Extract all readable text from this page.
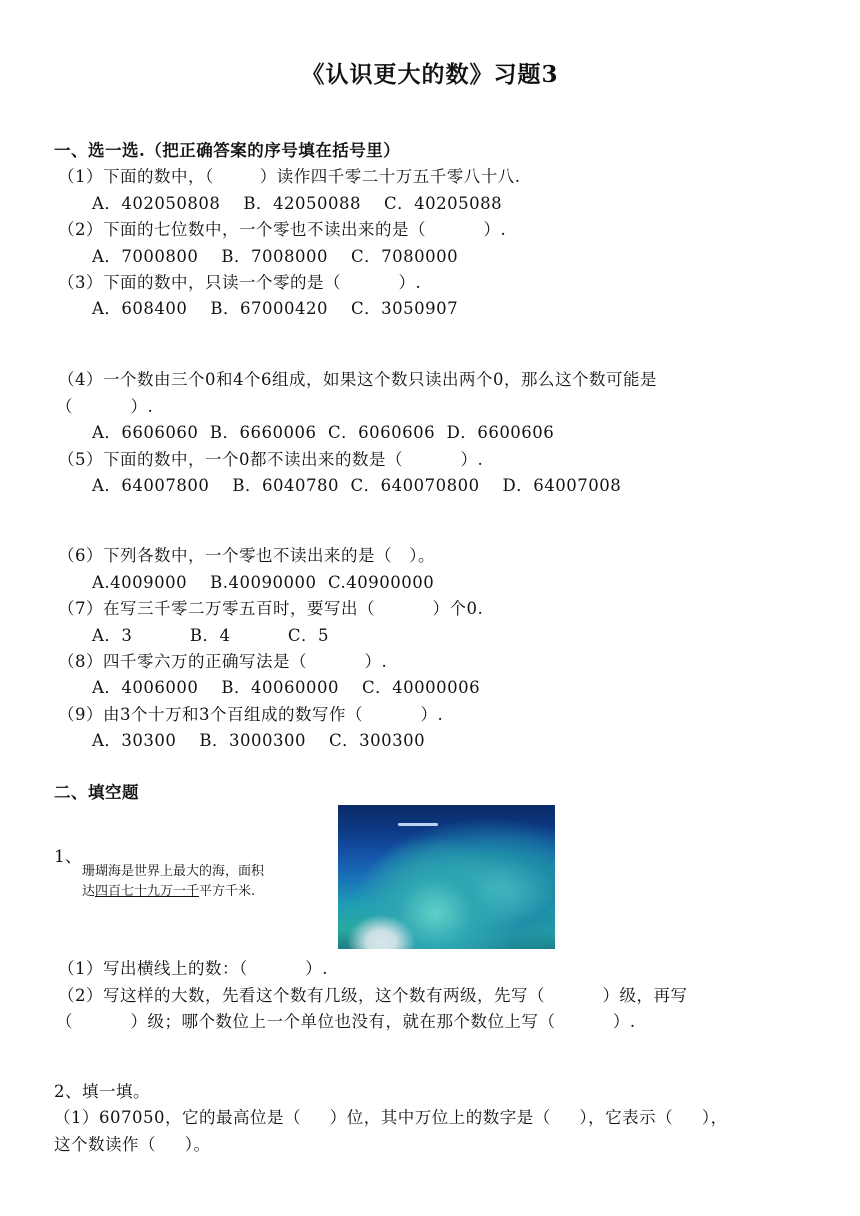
《认识更大的数》习题3
一、选一选.（把正确答案的序号填在括号里）
（1）下面的数中，（        ）读作四千零二十万五千零八十八.
A．402050808    B．42050088    C．40205088
（2）下面的七位数中，一个零也不读出来的是（          ）.
A．7000800    B．7008000    C．7080000
（3）下面的数中，只读一个零的是（          ）.
A．608400    B．67000420    C．3050907
（4）一个数由三个0和4个6组成，如果这个数只读出两个0，那么这个数可能是
（          ）.
A．6606060  B．6660006  C．6060606  D．6600606
（5）下面的数中，一个0都不读出来的数是（          ）.
A．64007800    B．6040780  C．640070800    D．64007008
（6）下列各数中，一个零也不读出来的是（   ）。
A.4009000    B.40090000  C.40900000
（7）在写三千零二万零五百时，要写出（          ）个0.
A．3          B．4          C．5
（8）四千零六万的正确写法是（          ）.
A．4006000    B．40060000    C．40000006
（9）由3个十万和3个百组成的数写作（          ）.
A．30300    B．3000300    C．300300
二、填空题
1、
珊瑚海是世界上最大的海，面积
达四百七十九万一千平方千米.
（1）写出横线上的数：（          ）.
（2）写这样的大数，先看这个数有几级，这个数有两级，先写（          ）级，再写
（          ）级；哪个数位上一个单位也没有，就在那个数位上写（          ）.
2、填一填。
（1）607050，它的最高位是（     ）位，其中万位上的数字是（     ），它表示（     ），
这个数读作（     ）。
